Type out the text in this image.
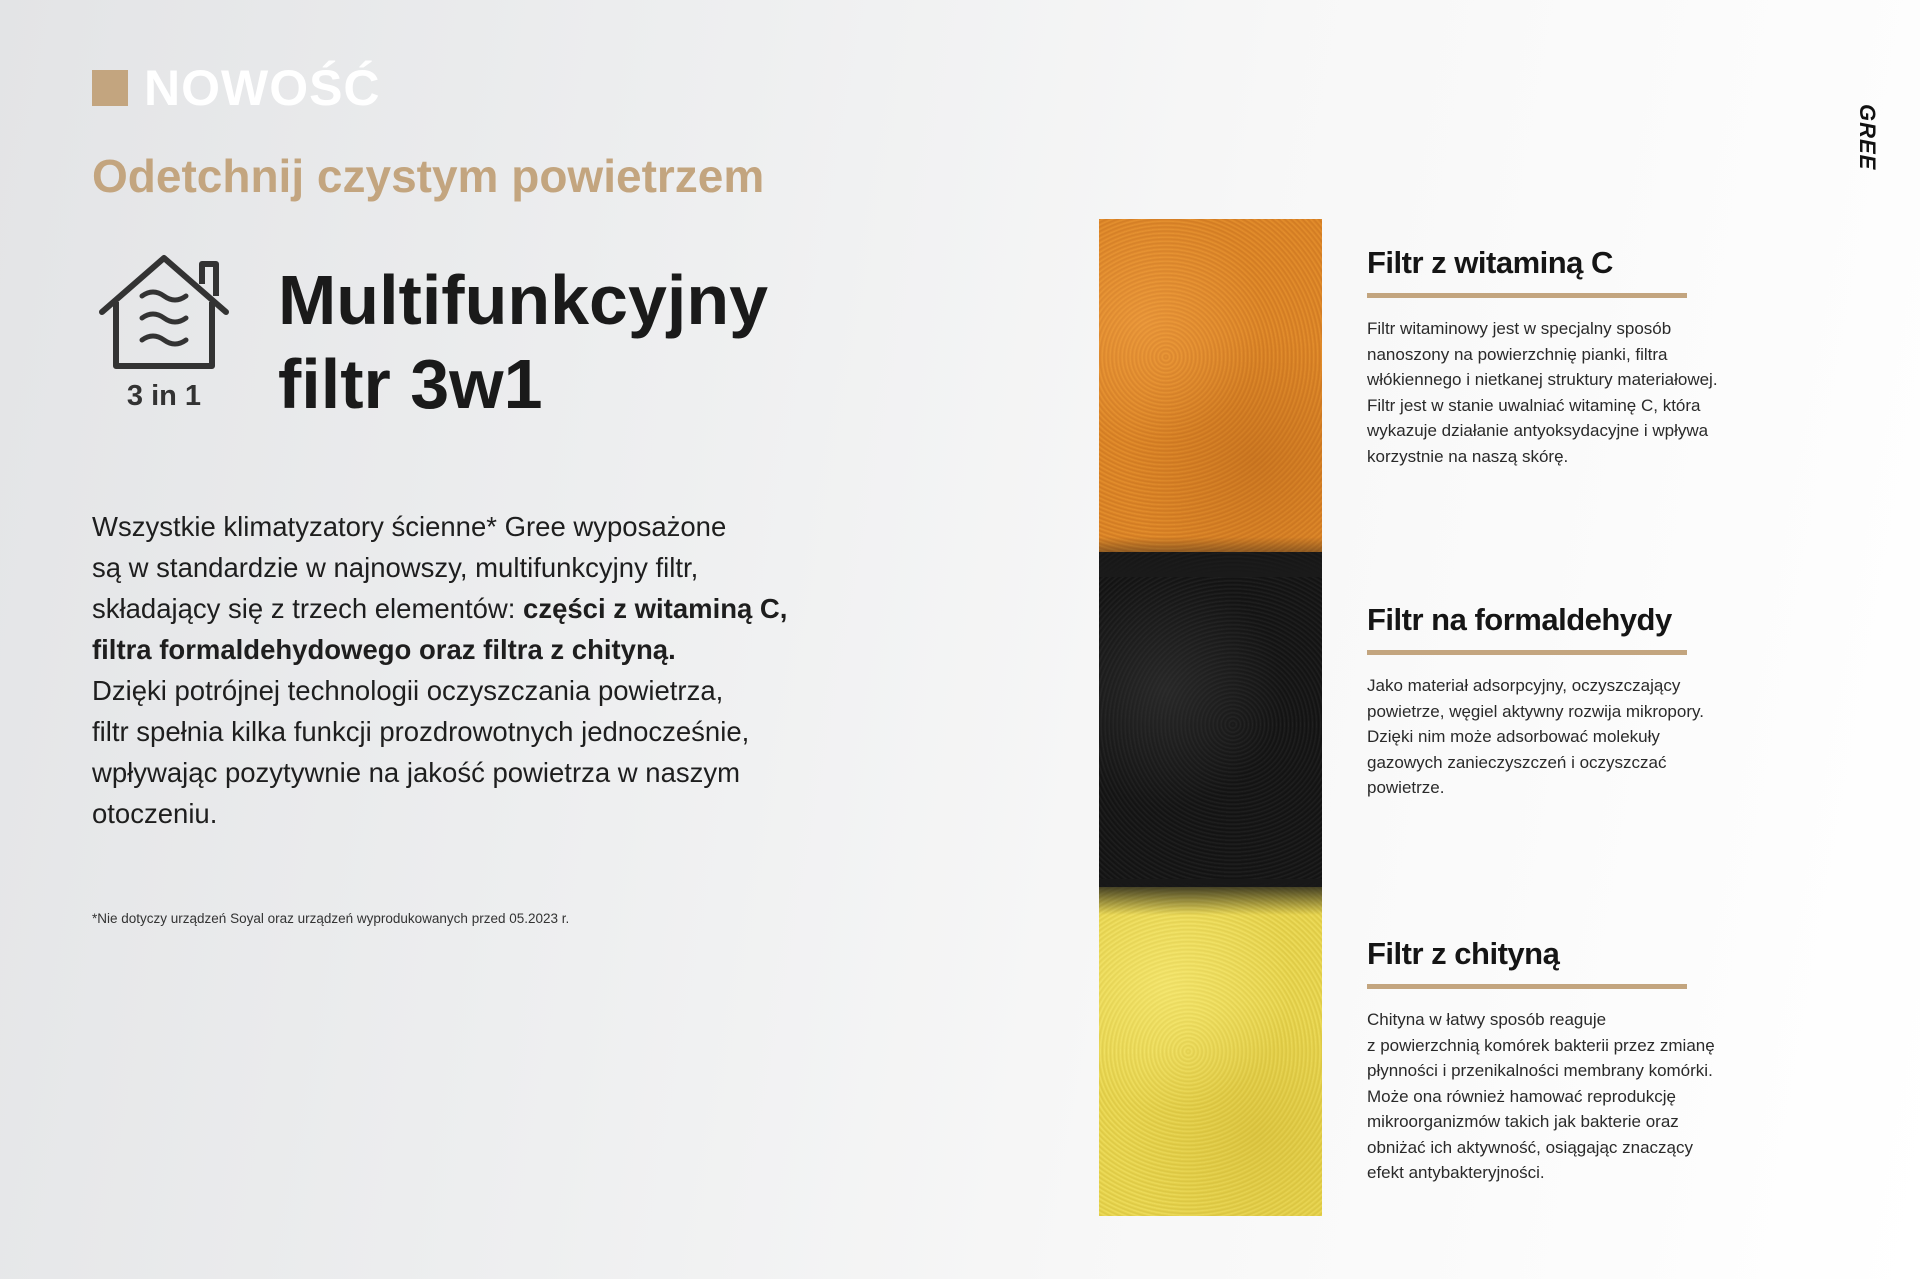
NOWOŚĆ
Odetchnij czystym powietrzem
3 in 1
Multifunkcyjny
filtr 3w1
Wszystkie klimatyzatory ścienne* Gree wyposażone
są w standardzie w najnowszy, multifunkcyjny filtr,
składający się z trzech elementów: części z witaminą C,
filtra formaldehydowego oraz filtra z chityną.
Dzięki potrójnej technologii oczyszczania powietrza,
filtr spełnia kilka funkcji prozdrowotnych jednocześnie,
wpływając pozytywnie na jakość powietrza w naszym
otoczeniu.
*Nie dotyczy urządzeń Soyal oraz urządzeń wyprodukowanych przed 05.2023 r.
Filtr z witaminą C

Filtr witaminowy jest w specjalny sposób
nanoszony na powierzchnię pianki, filtra
włókiennego i nietkanej struktury materiałowej.
Filtr jest w stanie uwalniać witaminę C, która
wykazuje działanie antyoksydacyjne i wpływa
korzystnie na naszą skórę.

Filtr na formaldehydy

Jako materiał adsorpcyjny, oczyszczający
powietrze, węgiel aktywny rozwija mikropory.
Dzięki nim może adsorbować molekuły
gazowych zanieczyszczeń i oczyszczać
powietrze.

Filtr z chityną

Chityna w łatwy sposób reaguje
z powierzchnią komórek bakterii przez zmianę
płynności i przenikalności membrany komórki.
Może ona również hamować reprodukcję
mikroorganizmów takich jak bakterie oraz
obniżać ich aktywność, osiągając znaczący
efekt antybakteryjności.

GREE
